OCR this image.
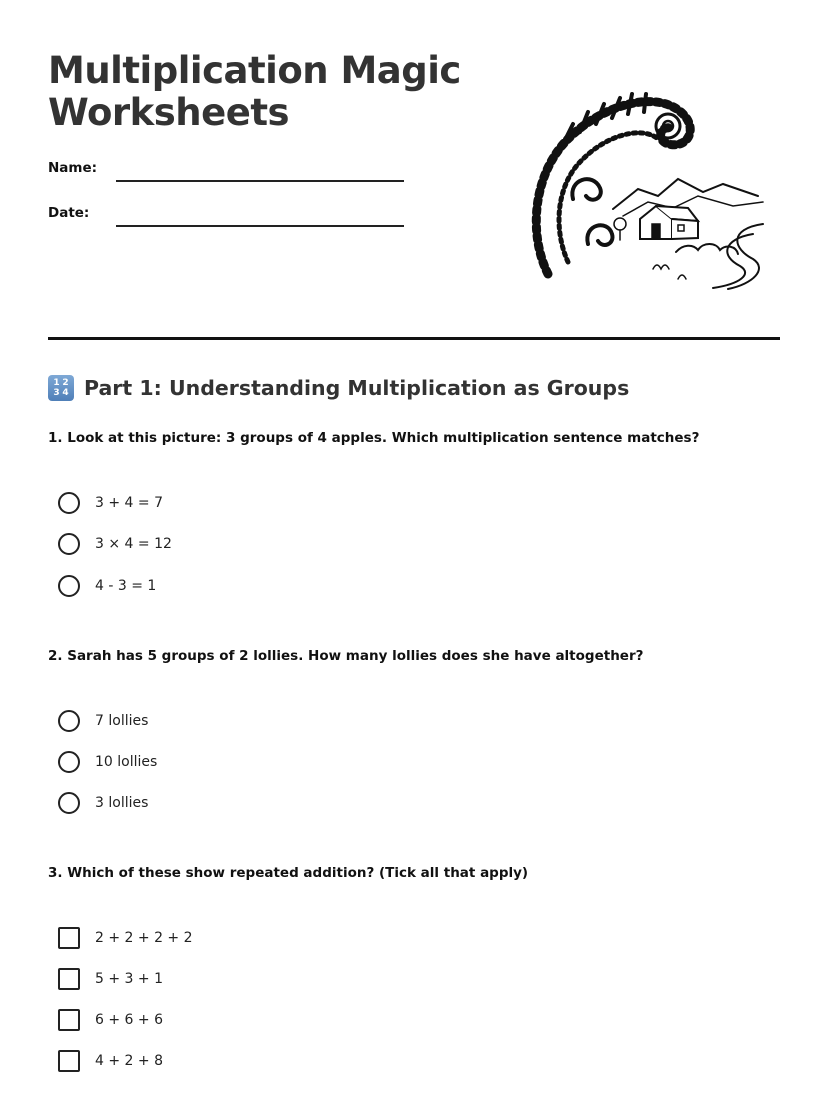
Multiplication Magic
Worksheets
Name:
Date:
1 2
3 4 Part 1: Understanding Multiplication as Groups
1. Look at this picture: 3 groups of 4 apples. Which multiplication sentence matches?
3 + 4 = 7
3 × 4 = 12
4 - 3 = 1
2. Sarah has 5 groups of 2 lollies. How many lollies does she have altogether?
7 lollies
10 lollies
3 lollies
3. Which of these show repeated addition? (Tick all that apply)
2 + 2 + 2 + 2
5 + 3 + 1
6 + 6 + 6
4 + 2 + 8
